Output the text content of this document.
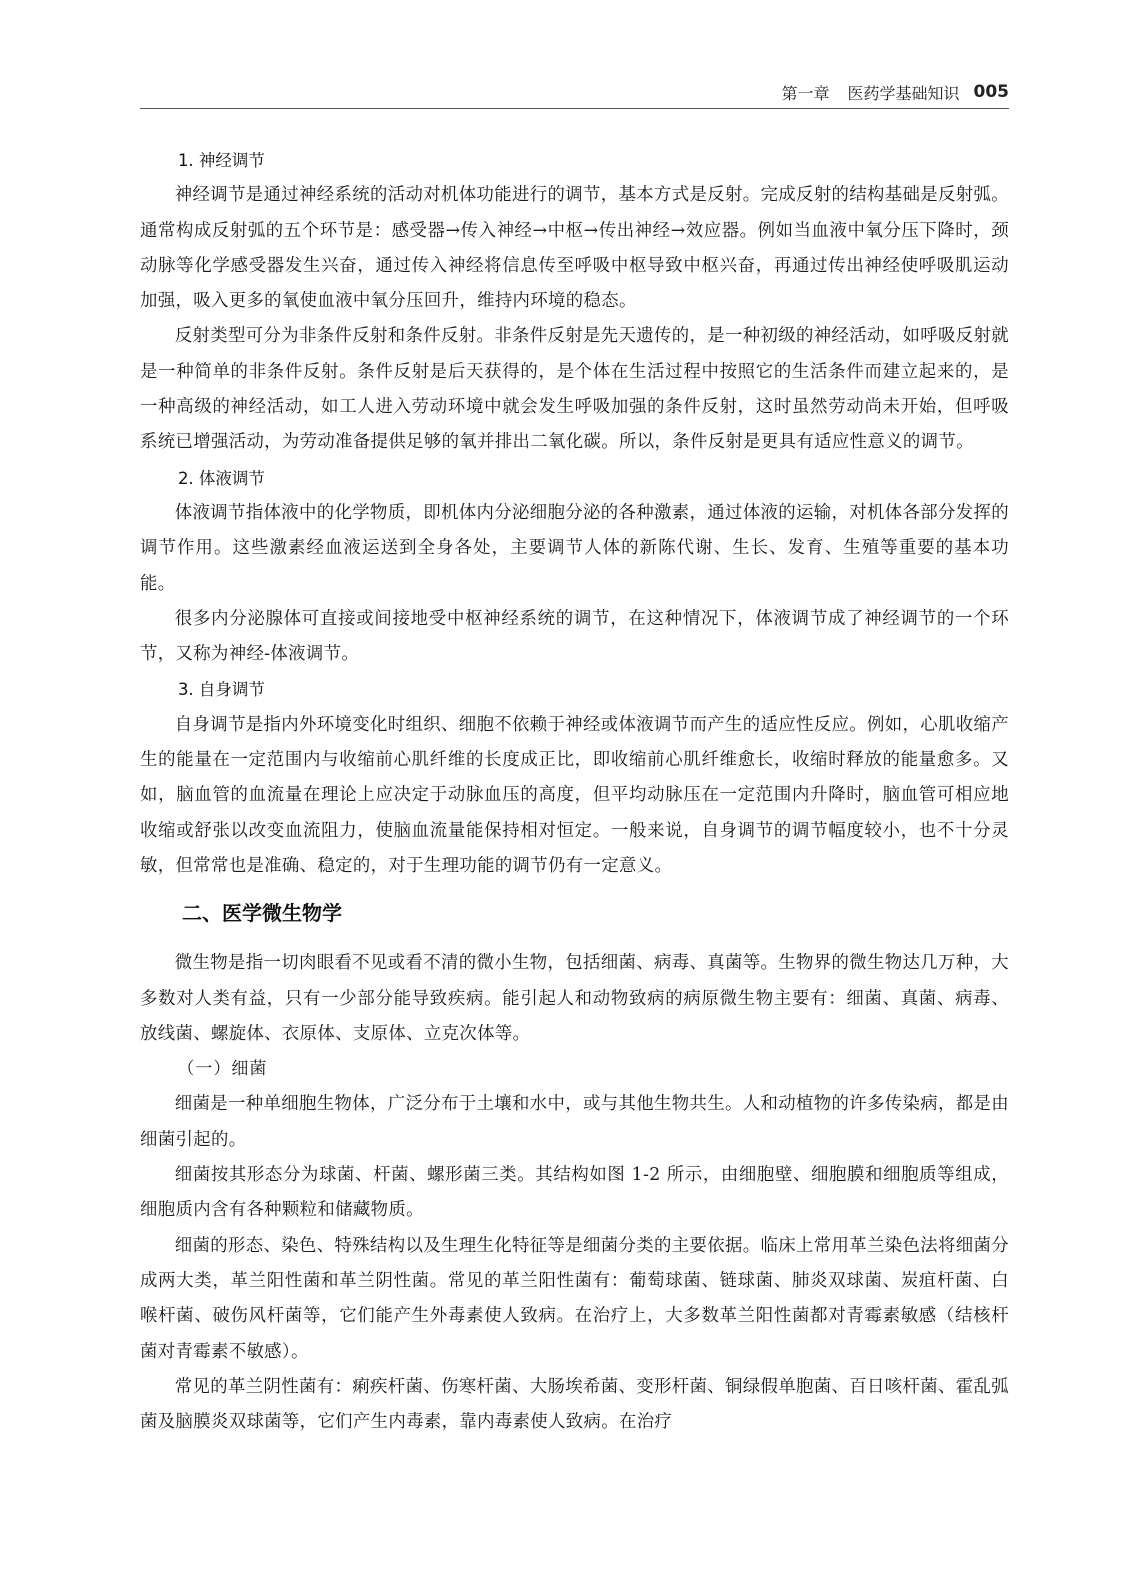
第一章 医药学基础知识 005

1. 神经调节

神经调节是通过神经系统的活动对机体功能进行的调节，基本方式是反射。完成反射的结构基础是反射弧。通常构成反射弧的五个环节是：感受器→传入神经→中枢→传出神经→效应器。例如当血液中氧分压下降时，颈动脉等化学感受器发生兴奋，通过传入神经将信息传至呼吸中枢导致中枢兴奋，再通过传出神经使呼吸肌运动加强，吸入更多的氧使血液中氧分压回升，维持内环境的稳态。

反射类型可分为非条件反射和条件反射。非条件反射是先天遗传的，是一种初级的神经活动，如呼吸反射就是一种简单的非条件反射。条件反射是后天获得的，是个体在生活过程中按照它的生活条件而建立起来的，是一种高级的神经活动，如工人进入劳动环境中就会发生呼吸加强的条件反射，这时虽然劳动尚未开始，但呼吸系统已增强活动，为劳动准备提供足够的氧并排出二氧化碳。所以，条件反射是更具有适应性意义的调节。

2. 体液调节

体液调节指体液中的化学物质，即机体内分泌细胞分泌的各种激素，通过体液的运输，对机体各部分发挥的调节作用。这些激素经血液运送到全身各处，主要调节人体的新陈代谢、生长、发育、生殖等重要的基本功能。

很多内分泌腺体可直接或间接地受中枢神经系统的调节，在这种情况下，体液调节成了神经调节的一个环节，又称为神经-体液调节。

3. 自身调节

自身调节是指内外环境变化时组织、细胞不依赖于神经或体液调节而产生的适应性反应。例如，心肌收缩产生的能量在一定范围内与收缩前心肌纤维的长度成正比，即收缩前心肌纤维愈长，收缩时释放的能量愈多。又如，脑血管的血流量在理论上应决定于动脉血压的高度，但平均动脉压在一定范围内升降时，脑血管可相应地收缩或舒张以改变血流阻力，使脑血流量能保持相对恒定。一般来说，自身调节的调节幅度较小，也不十分灵敏，但常常也是准确、稳定的，对于生理功能的调节仍有一定意义。

二、医学微生物学

微生物是指一切肉眼看不见或看不清的微小生物，包括细菌、病毒、真菌等。生物界的微生物达几万种，大多数对人类有益，只有一少部分能导致疾病。能引起人和动物致病的病原微生物主要有：细菌、真菌、病毒、放线菌、螺旋体、衣原体、支原体、立克次体等。

（一）细菌

细菌是一种单细胞生物体，广泛分布于土壤和水中，或与其他生物共生。人和动植物的许多传染病，都是由细菌引起的。

细菌按其形态分为球菌、杆菌、螺形菌三类。其结构如图 1-2 所示，由细胞壁、细胞膜和细胞质等组成，细胞质内含有各种颗粒和储藏物质。

细菌的形态、染色、特殊结构以及生理生化特征等是细菌分类的主要依据。临床上常用革兰染色法将细菌分成两大类，革兰阳性菌和革兰阴性菌。常见的革兰阳性菌有：葡萄球菌、链球菌、肺炎双球菌、炭疽杆菌、白喉杆菌、破伤风杆菌等，它们能产生外毒素使人致病。在治疗上，大多数革兰阳性菌都对青霉素敏感（结核杆菌对青霉素不敏感）。

常见的革兰阴性菌有：痢疾杆菌、伤寒杆菌、大肠埃希菌、变形杆菌、铜绿假单胞菌、百日咳杆菌、霍乱弧菌及脑膜炎双球菌等，它们产生内毒素，靠内毒素使人致病。在治疗
